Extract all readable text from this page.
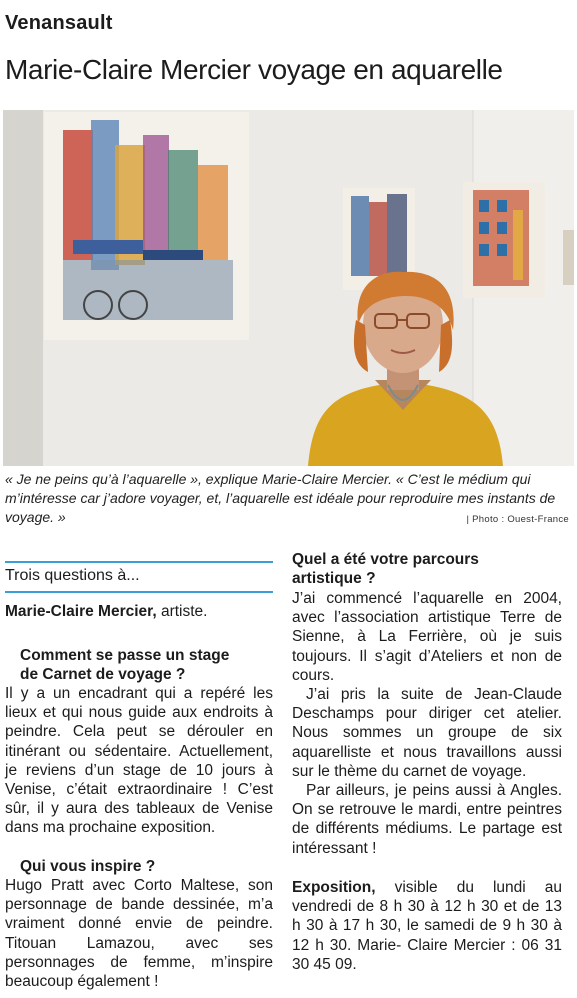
Venansault
Marie-Claire Mercier voyage en aquarelle
« Je ne peins qu’à l’aquarelle », explique Marie-Claire Mercier. « C’est le médium qui m’intéresse car j’adore voyager, et, l’aquarelle est idéale pour reproduire mes instants de voyage. »	| Photo : Ouest-France
Trois questions à...
Marie-Claire Mercier, artiste.
Comment se passe un stage
de Carnet de voyage ?

Il y a un encadrant qui a repéré les lieux et qui nous guide aux endroits à peindre. Cela peut se dérouler en itinérant ou sédentaire. Actuellement, je reviens d’un stage de 10 jours à Venise, c’était extraordinaire ! C’est sûr, il y aura des tableaux de Venise dans ma prochaine exposition.

Qui vous inspire ?

Hugo Pratt avec Corto Maltese, son personnage de bande dessinée, m’a vraiment donné envie de peindre. Titouan Lamazou, avec ses personnages de femme, m’inspire beaucoup également !

Quel a été votre parcours
artistique ?

J’ai commencé l’aquarelle en 2004, avec l’association artistique Terre de Sienne, à La Ferrière, où je suis toujours. Il s’agit d’Ateliers et non de cours.

J’ai pris la suite de Jean-Claude Deschamps pour diriger cet atelier. Nous sommes un groupe de six aquarelliste et nous travaillons aussi sur le thème du carnet de voyage.

Par ailleurs, je peins aussi à Angles. On se retrouve le mardi, entre peintres de différents médiums. Le partage est intéressant !

Exposition, visible du lundi au vendredi de 8 h 30 à 12 h 30 et de 13 h 30 à 17 h 30, le samedi de 9 h 30 à 12 h 30. Marie- Claire Mercier : 06 31 30 45 09.
